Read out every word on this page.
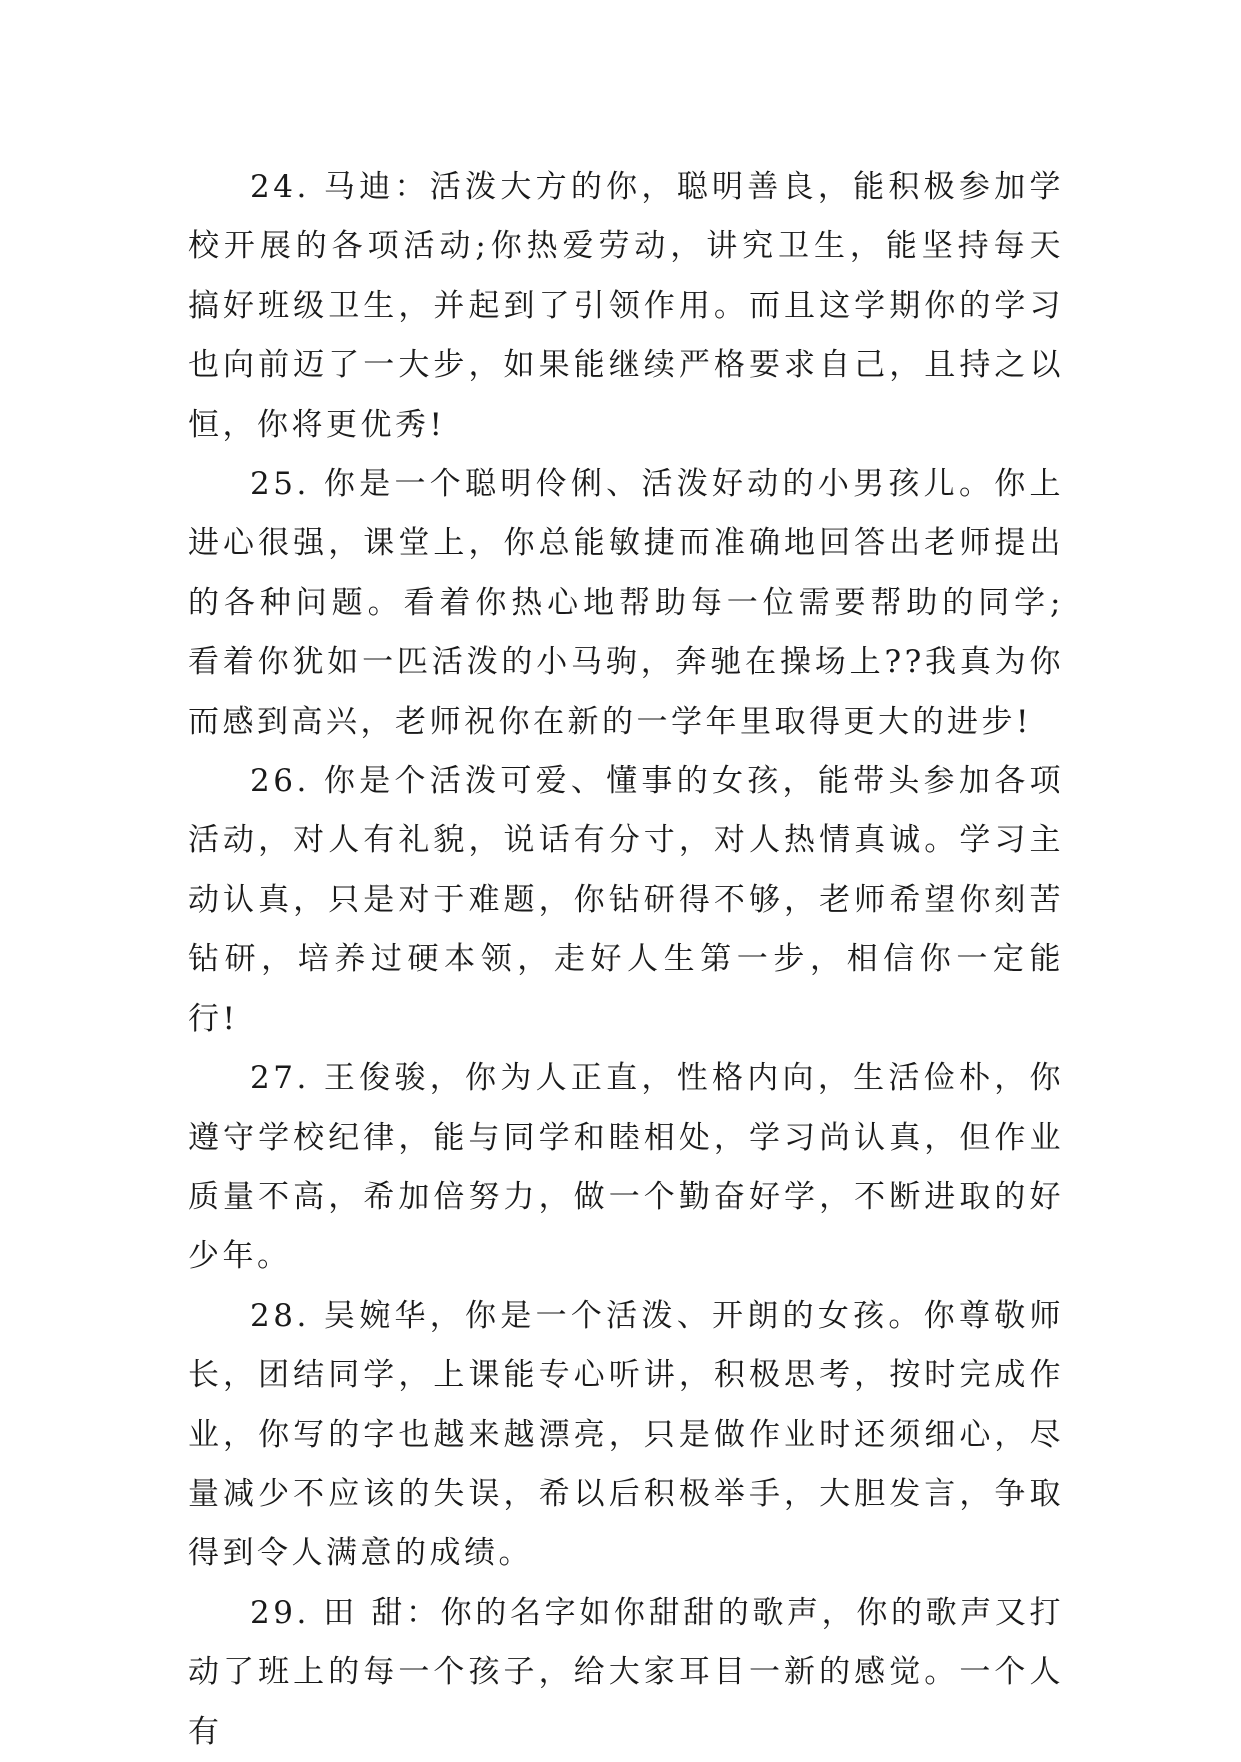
24. 马迪：活泼大方的你，聪明善良，能积极参加学校开展的各项活动;你热爱劳动，讲究卫生，能坚持每天搞好班级卫生，并起到了引领作用。而且这学期你的学习也向前迈了一大步，如果能继续严格要求自己，且持之以恒，你将更优秀!

25. 你是一个聪明伶俐、活泼好动的小男孩儿。你上进心很强，课堂上，你总能敏捷而准确地回答出老师提出的各种问题。看着你热心地帮助每一位需要帮助的同学;看着你犹如一匹活泼的小马驹，奔驰在操场上??我真为你而感到高兴，老师祝你在新的一学年里取得更大的进步!

26. 你是个活泼可爱、懂事的女孩，能带头参加各项活动，对人有礼貌，说话有分寸，对人热情真诚。学习主动认真，只是对于难题，你钻研得不够，老师希望你刻苦钻研，培养过硬本领，走好人生第一步，相信你一定能行!

27. 王俊骏，你为人正直，性格内向，生活俭朴，你遵守学校纪律，能与同学和睦相处，学习尚认真，但作业质量不高，希加倍努力，做一个勤奋好学，不断进取的好少年。

28. 吴婉华，你是一个活泼、开朗的女孩。你尊敬师长，团结同学，上课能专心听讲，积极思考，按时完成作业，你写的字也越来越漂亮，只是做作业时还须细心，尽量减少不应该的失误，希以后积极举手，大胆发言，争取得到令人满意的成绩。

29. 田 甜：你的名字如你甜甜的歌声，你的歌声又打动了班上的每一个孩子，给大家耳目一新的感觉。一个人有
